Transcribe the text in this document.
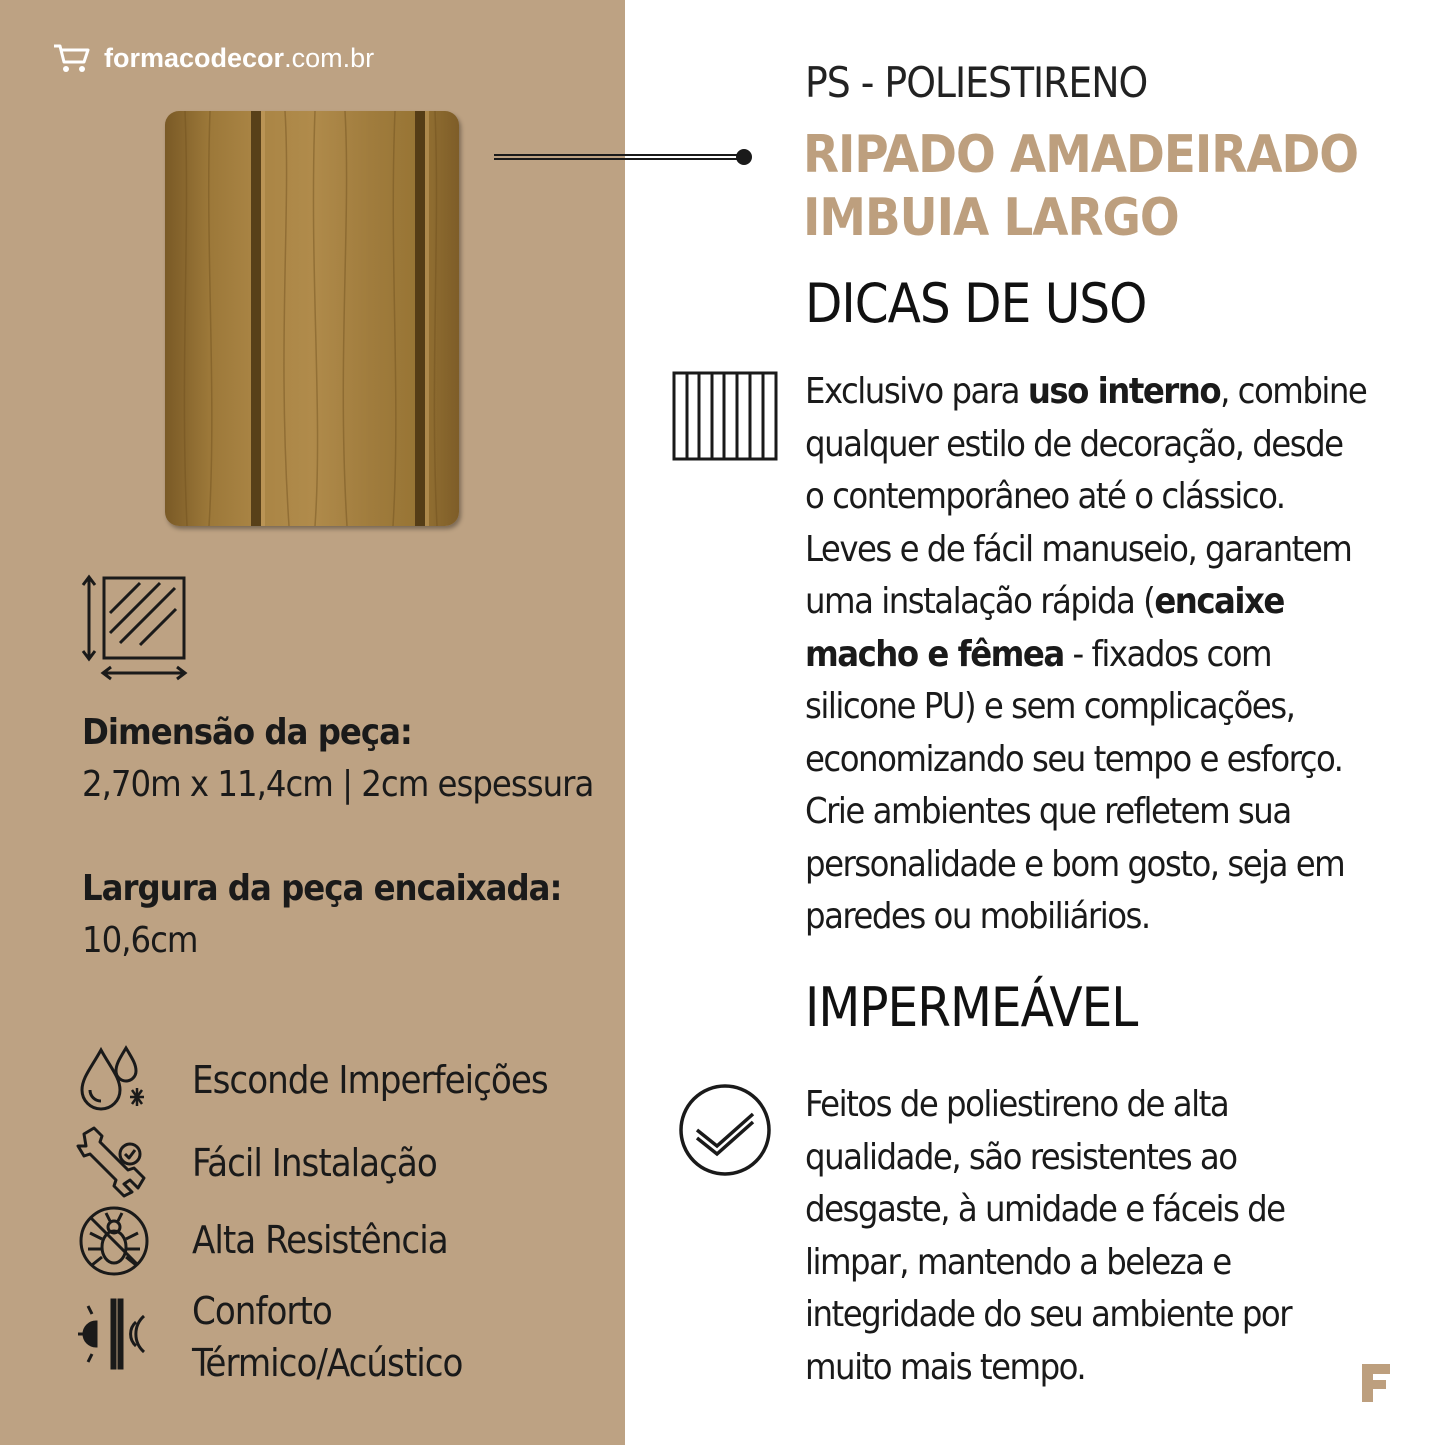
formacodecor .com.br
Dimensão da peça:
2,70m x 11,4cm | 2cm espessura
Largura da peça encaixada:
10,6cm
Esconde Imperfeições
Fácil Instalação
Alta Resistência
Conforto
Térmico/Acústico
PS - POLIESTIRENO
RIPADO AMADEIRADO
IMBUIA LARGO
DICAS DE USO
Exclusivo para uso interno, combine
qualquer estilo de decoração, desde
o contemporâneo até o clássico.
Leves e de fácil manuseio, garantem
uma instalação rápida (encaixe
macho e fêmea - fixados com
silicone PU) e sem complicações,
economizando seu tempo e esforço.
Crie ambientes que refletem sua
personalidade e bom gosto, seja em
paredes ou mobiliários.
IMPERMEÁVEL
Feitos de poliestireno de alta
qualidade, são resistentes ao
desgaste, à umidade e fáceis de
limpar, mantendo a beleza e
integridade do seu ambiente por
muito mais tempo.
